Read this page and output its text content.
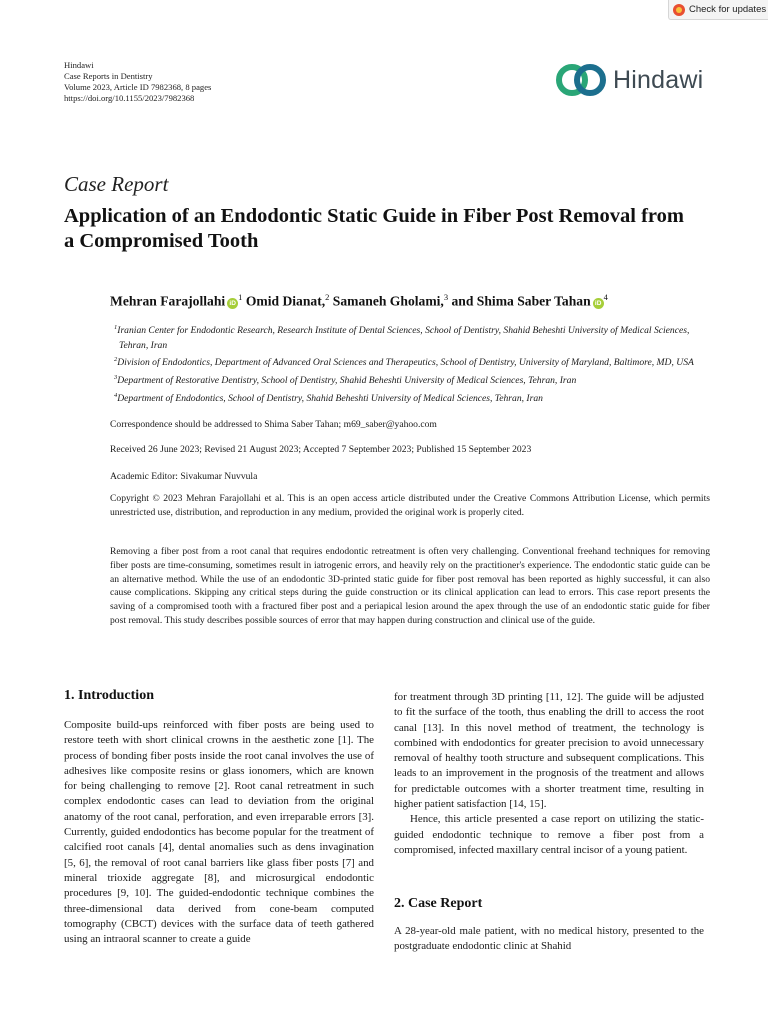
Check for updates
Hindawi
Case Reports in Dentistry
Volume 2023, Article ID 7982368, 8 pages
https://doi.org/10.1155/2023/7982368
Hindawi
Case Report
Application of an Endodontic Static Guide in Fiber Post Removal from a Compromised Tooth
Mehran Farajollahi $iD^1$ Omid Dianat,$^2$ Samaneh Gholami,$^3$ and Shima Saber Tahan $iD^4$
$^1$Iranian Center for Endodontic Research, Research Institute of Dental Sciences, School of Dentistry, Shahid Beheshti University of Medical Sciences, Tehran, Iran
$^2$Division of Endodontics, Department of Advanced Oral Sciences and Therapeutics, School of Dentistry, University of Maryland, Baltimore, MD, USA
$^3$Department of Restorative Dentistry, School of Dentistry, Shahid Beheshti University of Medical Sciences, Tehran, Iran
$^4$Department of Endodontics, School of Dentistry, Shahid Beheshti University of Medical Sciences, Tehran, Iran
Correspondence should be addressed to Shima Saber Tahan; m69_saber@yahoo.com
Received 26 June 2023; Revised 21 August 2023; Accepted 7 September 2023; Published 15 September 2023
Academic Editor: Sivakumar Nuvvula
Copyright © 2023 Mehran Farajollahi et al. This is an open access article distributed under the Creative Commons Attribution License, which permits unrestricted use, distribution, and reproduction in any medium, provided the original work is properly cited.
Removing a fiber post from a root canal that requires endodontic retreatment is often very challenging. Conventional freehand techniques for removing fiber posts are time-consuming, sometimes result in iatrogenic errors, and heavily rely on the practitioner's experience. The endodontic static guide can be an alternative method. While the use of an endodontic 3D-printed static guide for fiber post removal has been reported as highly successful, it can also cause complications. Skipping any critical steps during the guide construction or its clinical application can lead to errors. This case report presents the saving of a compromised tooth with a fractured fiber post and a periapical lesion around the apex through the use of an endodontic static guide for fiber post removal. This study describes possible sources of error that may happen during construction and clinical use of the guide.
1. Introduction

Composite build-ups reinforced with fiber posts are being used to restore teeth with short clinical crowns in the aesthetic zone [1]. The process of bonding fiber posts inside the root canal involves the use of adhesives like composite resins or glass ionomers, which are known for being challenging to remove [2]. Root canal retreatment in such complex endodontic cases can lead to deviation from the original anatomy of the root canal, perforation, and even irreparable errors [3]. Currently, guided endodontics has become popular for the treatment of calcified root canals [4], dental anomalies such as dens invagination [5, 6], the removal of root canal barriers like glass fiber posts [7] and mineral trioxide aggregate [8], and microsurgical endodontic procedures [9, 10]. The guided-endodontic technique combines the three-dimensional data derived from cone-beam computed tomography (CBCT) devices with the surface data of teeth gathered using an intraoral scanner to create a guide

for treatment through 3D printing [11, 12]. The guide will be adjusted to fit the surface of the tooth, thus enabling the drill to access the root canal [13]. In this novel method of treatment, the technology is combined with endodontics for greater precision to avoid unnecessary removal of healthy tooth structure and subsequent complications. This leads to an improvement in the prognosis of the treatment and allows for predictable outcomes with a shorter treatment time, resulting in higher patient satisfaction [14, 15].

Hence, this article presented a case report on utilizing the static-guided endodontic technique to remove a fiber post from a compromised, infected maxillary central incisor of a young patient.

2. Case Report

A 28-year-old male patient, with no medical history, presented to the postgraduate endodontic clinic at Shahid
